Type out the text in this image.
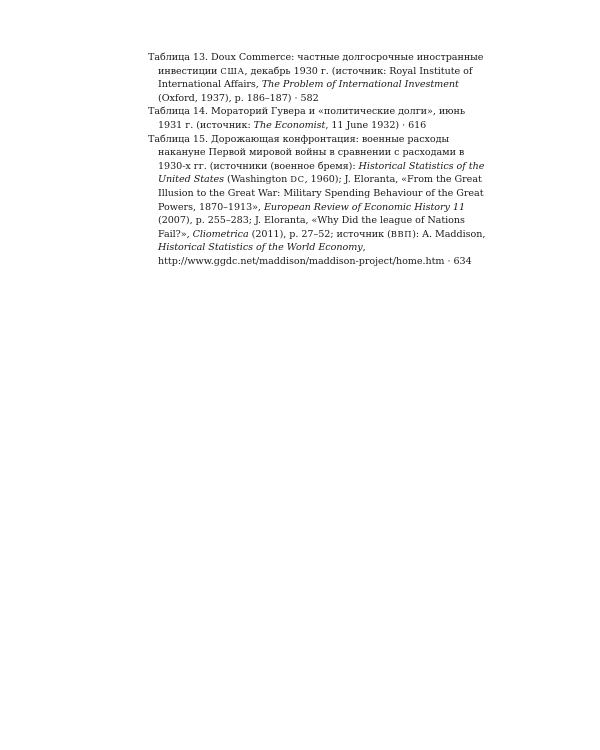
Таблица 13. Doux Commerce: частные долгосрочные иностранные инвестиции США, декабрь 1930 г. (источник: Royal Institute of International Affairs, The Problem of International Investment (Oxford, 1937), p. 186–187) · 582
Таблица 14. Мораторий Гувера и «политические долги», июнь 1931 г. (источник: The Economist, 11 June 1932) · 616
Таблица 15. Дорожающая конфронтация: военные расходы накануне Первой мировой войны в сравнении с расходами в 1930-х гг. (источники (военное бремя): Historical Statistics of the United States (Washington DC, 1960); J. Eloranta, «From the Great Illusion to the Great War: Military Spending Behaviour of the Great Powers, 1870–1913», European Review of Economic History 11 (2007), p. 255–283; J. Eloranta, «Why Did the league of Nations Fail?», Cliometrica (2011), p. 27–52; источник (ВВП): A. Maddison, Historical Statistics of the World Economy, http://www.ggdc.net/maddison/maddison-project/home.htm · 634
